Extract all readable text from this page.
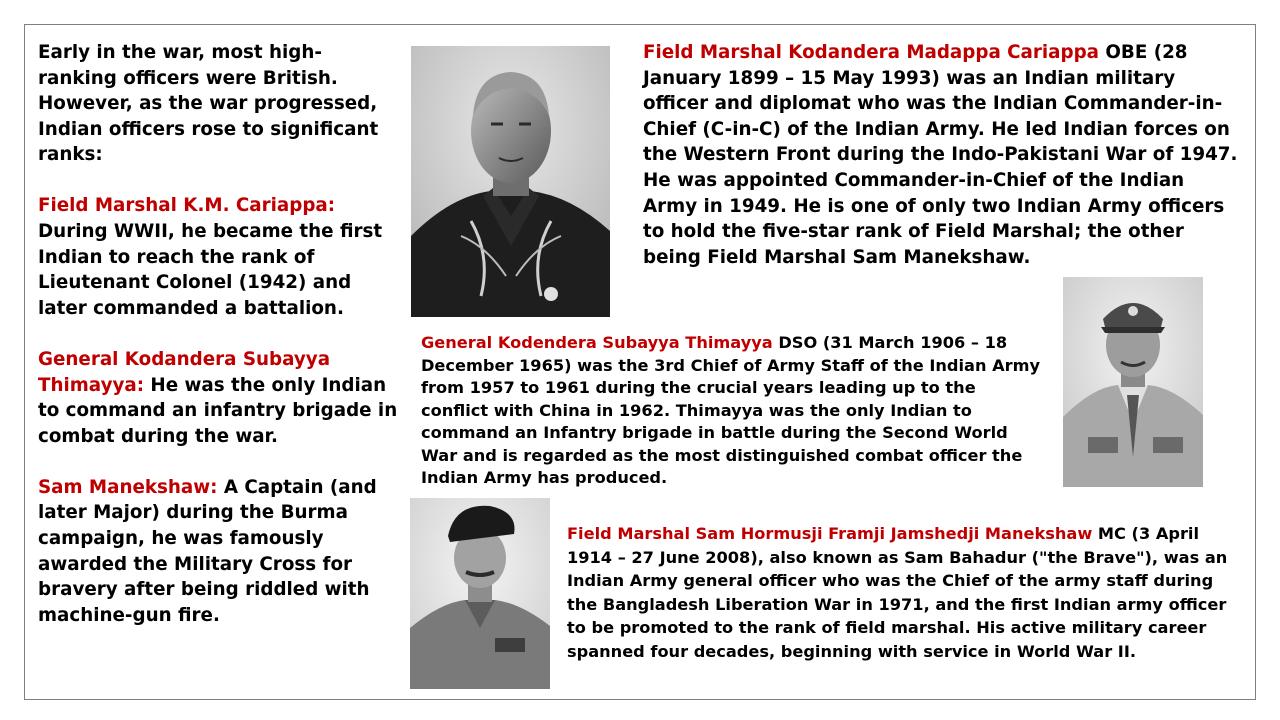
Early in the war, most high-ranking officers were British. However, as the war progressed, Indian officers rose to significant ranks:

Field Marshal K.M. Cariappa:
During WWII, he became the first Indian to reach the rank of Lieutenant Colonel (1942) and later commanded a battalion.

General Kodandera Subayya Thimayya: He was the only Indian to command an infantry brigade in combat during the war.

Sam Manekshaw: A Captain (and later Major) during the Burma campaign, he was famously awarded the Military Cross for bravery after being riddled with machine-gun fire.

Field Marshal Kodandera Madappa Cariappa OBE (28 January 1899 – 15 May 1993) was an Indian military officer and diplomat who was the Indian Commander-in-Chief (C-in-C) of the Indian Army. He led Indian forces on the Western Front during the Indo-Pakistani War of 1947. He was appointed Commander-in-Chief of the Indian Army in 1949. He is one of only two Indian Army officers to hold the five-star rank of Field Marshal; the other being Field Marshal Sam Manekshaw.
General Kodendera Subayya Thimayya DSO (31 March 1906 – 18 December 1965) was the 3rd Chief of Army Staff of the Indian Army from 1957 to 1961 during the crucial years leading up to the conflict with China in 1962. Thimayya was the only Indian to command an Infantry brigade in battle during the Second World War and is regarded as the most distinguished combat officer the Indian Army has produced.
Field Marshal Sam Hormusji Framji Jamshedji Manekshaw MC (3 April 1914 – 27 June 2008), also known as Sam Bahadur ("the Brave"), was an Indian Army general officer who was the Chief of the army staff during the Bangladesh Liberation War in 1971, and the first Indian army officer to be promoted to the rank of field marshal. His active military career spanned four decades, beginning with service in World War II.
